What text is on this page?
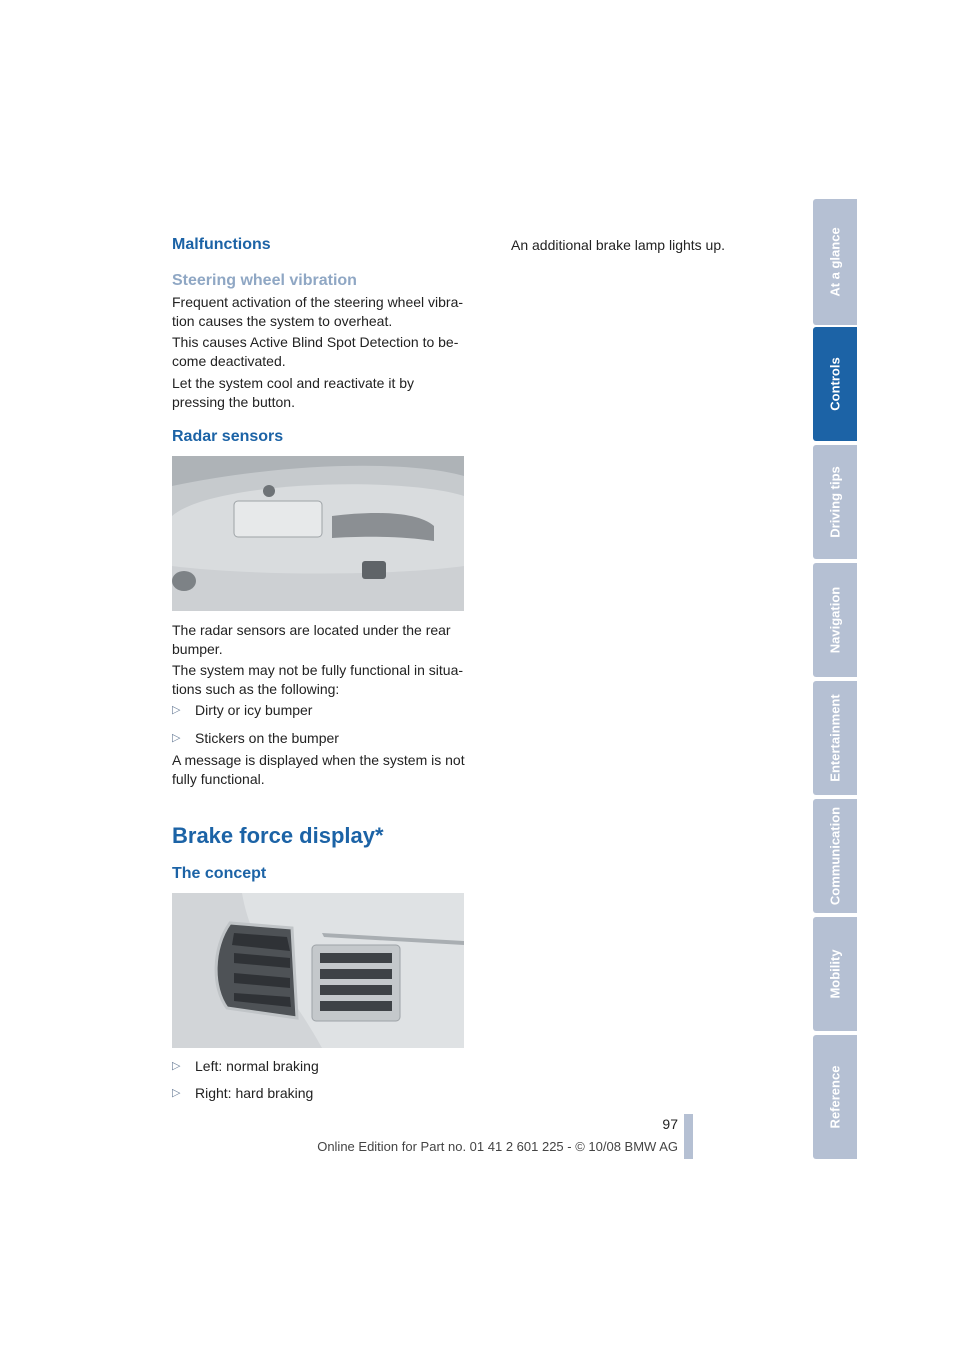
Malfunctions
Steering wheel vibration

Frequent activation of the steering wheel vibra-tion causes the system to overheat.

This causes Active Blind Spot Detection to be-come deactivated.

Let the system cool and reactivate it by pressing the button.

Radar sensors

The radar sensors are located under the rear bumper.

The system may not be fully functional in situa-tions such as the following:

▷	Dirty or icy bumper
▷	Stickers on the bumper

A message is displayed when the system is not fully functional.

Brake force display*
The concept
▷	Left: normal braking
▷	Right: hard braking

An additional brake lamp lights up.	At a glance
Controls
Driving tips
Navigation
Entertainment
Communication
Mobility
Reference
97
Online Edition for Part no. 01 41 2 601 225 - © 10/08 BMW AG
